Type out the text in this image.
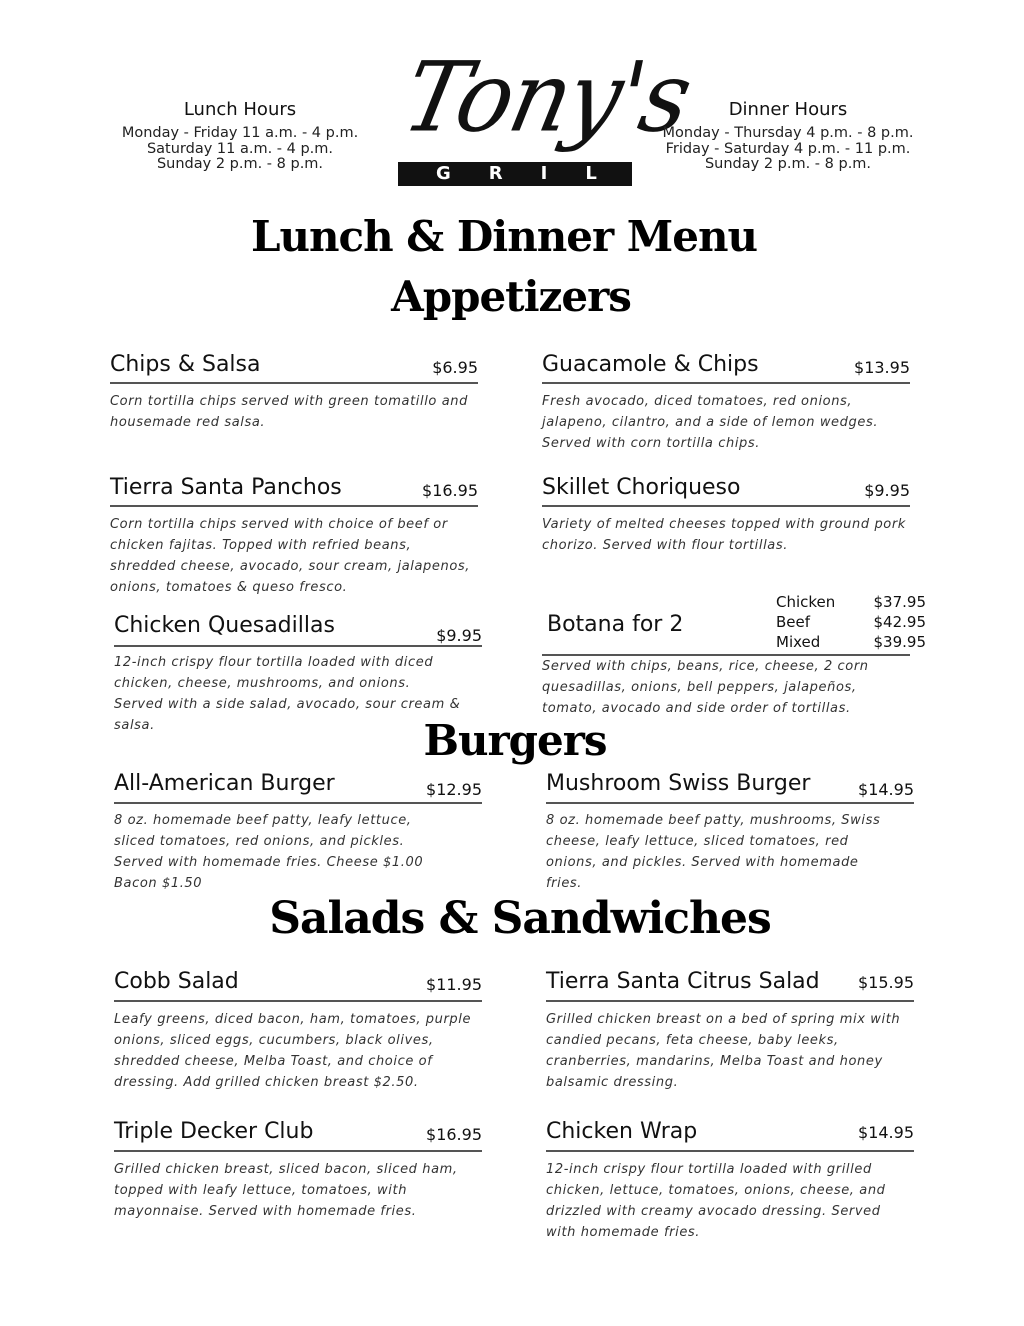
Lunch Hours
Monday - Friday 11 a.m. - 4 p.m.
Saturday 11 a.m. - 4 p.m.
Sunday 2 p.m. - 8 p.m.
Tony's
GRILL
Dinner Hours
Monday - Thursday 4 p.m. - 8 p.m.
Friday - Saturday 4 p.m. - 11 p.m.
Sunday 2 p.m. - 8 p.m.
Lunch & Dinner Menu
Appetizers
Chips & Salsa	$6.95
Corn tortilla chips served with green tomatillo and housemade red salsa.
Guacamole & Chips	$13.95
Fresh avocado, diced tomatoes, red onions, jalapeno, cilantro, and a side of lemon wedges. Served with corn tortilla chips.
Tierra Santa Panchos	$16.95
Corn tortilla chips served with choice of beef or chicken fajitas. Topped with refried beans, shredded cheese, avocado, sour cream, jalapenos, onions, tomatoes & queso fresco.
Skillet Choriqueso	$9.95
Variety of melted cheeses topped with ground pork chorizo. Served with flour tortillas.
Chicken Quesadillas	$9.95
12-inch crispy flour tortilla loaded with diced chicken, cheese, mushrooms, and onions. Served with a side salad, avocado, sour cream & salsa.
Botana for 2
Chicken	$37.95
Beef	$42.95
Mixed	$39.95
Served with chips, beans, rice, cheese, 2 corn quesadillas, onions, bell peppers, jalapeños, tomato, avocado and side order of tortillas.
Burgers
All-American Burger	$12.95
8 oz. homemade beef patty, leafy lettuce, sliced tomatoes, red onions, and pickles. Served with homemade fries. Cheese $1.00 Bacon $1.50
Mushroom Swiss Burger	$14.95
8 oz. homemade beef patty, mushrooms, Swiss cheese, leafy lettuce, sliced tomatoes, red onions, and pickles. Served with homemade fries.
Salads & Sandwiches
Cobb Salad	$11.95
Leafy greens, diced bacon, ham, tomatoes, purple onions, sliced eggs, cucumbers, black olives, shredded cheese, Melba Toast, and choice of dressing. Add grilled chicken breast $2.50.
Tierra Santa Citrus Salad	$15.95
Grilled chicken breast on a bed of spring mix with candied pecans, feta cheese, baby leeks, cranberries, mandarins, Melba Toast and honey balsamic dressing.
Triple Decker Club	$16.95
Grilled chicken breast, sliced bacon, sliced ham, topped with leafy lettuce, tomatoes, with mayonnaise. Served with homemade fries.
Chicken Wrap	$14.95
12-inch crispy flour tortilla loaded with grilled chicken, lettuce, tomatoes, onions, cheese, and drizzled with creamy avocado dressing. Served with homemade fries.
